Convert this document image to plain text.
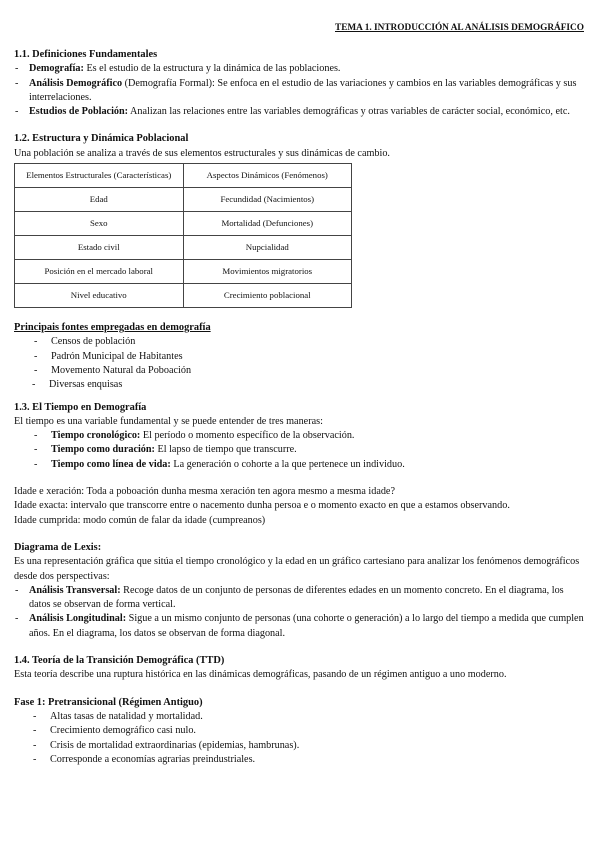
TEMA 1. INTRODUCCIÓN AL ANÁLISIS DEMOGRÁFICO
1.1. Definiciones Fundamentales
- Demografía: Es el estudio de la estructura y la dinámica de las poblaciones.
- Análisis Demográfico (Demografía Formal): Se enfoca en el estudio de las variaciones y cambios en las variables demográficas y sus interrelaciones.
- Estudios de Población: Analizan las relaciones entre las variables demográficas y otras variables de carácter social, económico, etc.
1.2. Estructura y Dinámica Poblacional

Una población se analiza a través de sus elementos estructurales y sus dinámicas de cambio.

Elementos Estructurales (Características)	Aspectos Dinámicos (Fenómenos)
Edad	Fecundidad (Nacimientos)
Sexo	Mortalidad (Defunciones)
Estado civil	Nupcialidad
Posición en el mercado laboral	Movimientos migratorios
Nivel educativo	Crecimiento poblacional
Principais fontes empregadas en demografía
- Censos de población
- Padrón Municipal de Habitantes
- Movemento Natural da Poboación
- Diversas enquisas
1.3. El Tiempo en Demografía

El tiempo es una variable fundamental y se puede entender de tres maneras:

- Tiempo cronológico: El período o momento específico de la observación.
- Tiempo como duración: El lapso de tiempo que transcurre.
- Tiempo como línea de vida: La generación o cohorte a la que pertenece un individuo.

Idade e xeración: Toda a poboación dunha mesma xeración ten agora mesmo a mesma idade?

Idade exacta: intervalo que transcorre entre o nacemento dunha persoa e o momento exacto en que a estamos observando.

Idade cumprida: modo común de falar da idade (cumpreanos)

Diagrama de Lexis:

Es una representación gráfica que sitúa el tiempo cronológico y la edad en un gráfico cartesiano para analizar los fenómenos demográficos desde dos perspectivas:

- Análisis Transversal: Recoge datos de un conjunto de personas de diferentes edades en un momento concreto. En el diagrama, los datos se observan de forma vertical.
- Análisis Longitudinal: Sigue a un mismo conjunto de personas (una cohorte o generación) a lo largo del tiempo a medida que cumplen años. En el diagrama, los datos se observan de forma diagonal.
1.4. Teoría de la Transición Demográfica (TTD)

Esta teoría describe una ruptura histórica en las dinámicas demográficas, pasando de un régimen antiguo a uno moderno.

Fase 1: Pretransicional (Régimen Antiguo)
- Altas tasas de natalidad y mortalidad.
- Crecimiento demográfico casi nulo.
- Crisis de mortalidad extraordinarias (epidemias, hambrunas).
- Corresponde a economías agrarias preindustriales.
